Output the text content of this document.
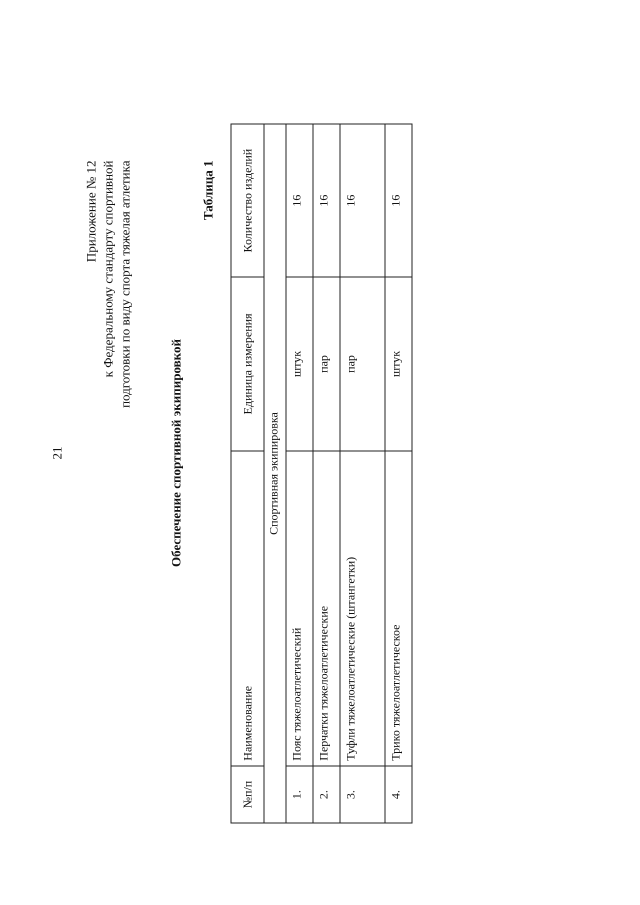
21
Приложение № 12 к Федеральному стандарту спортивной подготовки по виду спорта тяжелая атлетика
Обеспечение спортивной экипировкой
Таблица 1
№п/п	Наименование	Единица измерения	Количество изделий
Спортивная экипировка			
1.	Пояс тяжелоатлетический	штук	16
2.	Перчатки тяжелоатлетические	пар	16
3.	Туфли тяжелоатлетические (штангетки)	пар	16
4.	Трико тяжелоатлетическое	штук	16
